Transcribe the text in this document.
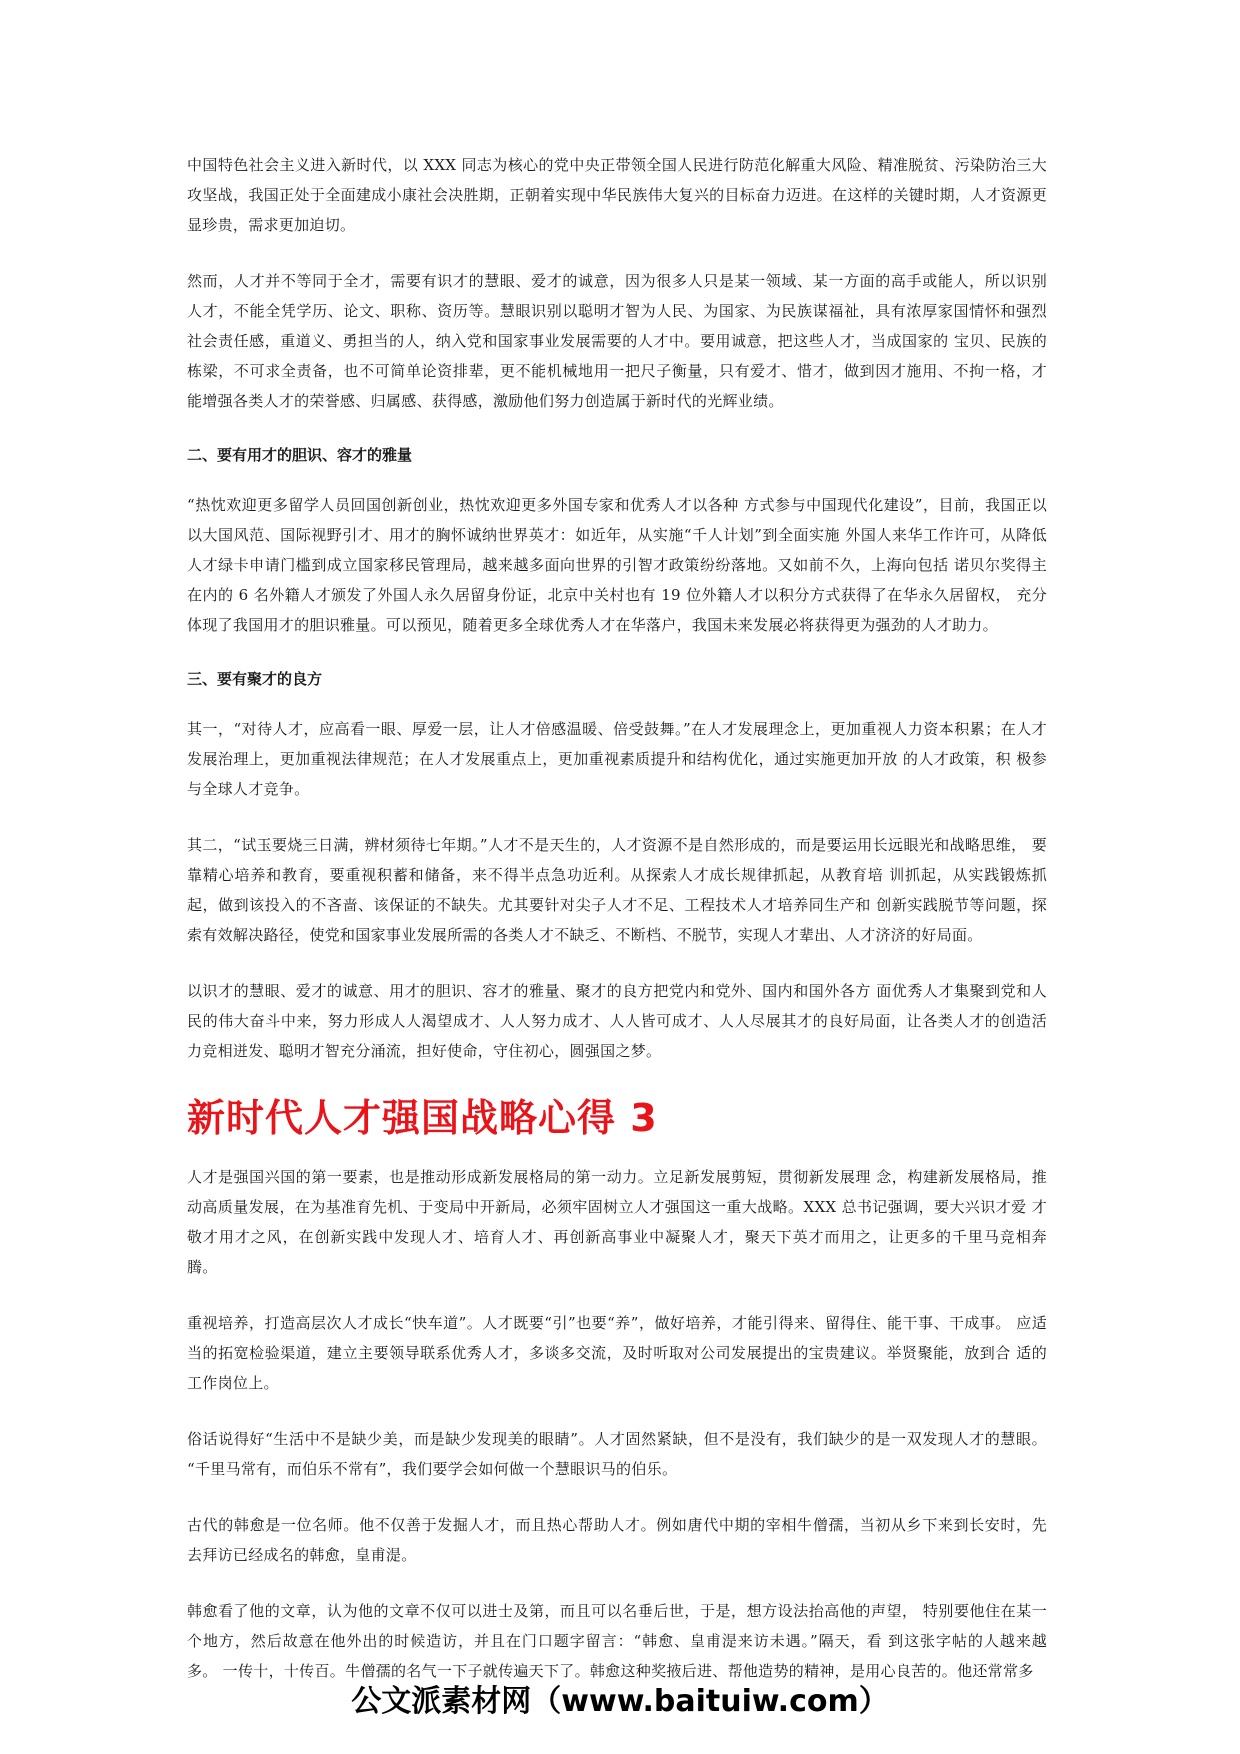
中国特色社会主义进入新时代，以 XXX 同志为核心的党中央正带领全国人民进行防范化解重大风险、精准脱贫、污染防治三大攻坚战，我国正处于全面建成小康社会决胜期，正朝着实现中华民族伟大复兴的目标奋力迈进。在这样的关键时期，人才资源更显珍贵，需求更加迫切。

然而，人才并不等同于全才，需要有识才的慧眼、爱才的诚意，因为很多人只是某一领域、某一方面的高手或能人，所以识别 人才，不能全凭学历、论文、职称、资历等。慧眼识别以聪明才智为人民、为国家、为民族谋福祉，具有浓厚家国情怀和强烈 社会责任感，重道义、勇担当的人，纳入党和国家事业发展需要的人才中。要用诚意，把这些人才，当成国家的 宝贝、民族的 栋梁，不可求全责备，也不可简单论资排辈，更不能机械地用一把尺子衡量，只有爱才、惜才，做到因才施用、不拘一格，才 能增强各类人才的荣誉感、归属感、获得感，激励他们努力创造属于新时代的光辉业绩。

二、要有用才的胆识、容才的雅量

“热忱欢迎更多留学人员回国创新创业，热忱欢迎更多外国专家和优秀人才以各种 方式参与中国现代化建设”，目前，我国正以以大国风范、国际视野引才、用才的胸怀诚纳世界英才：如近年，从实施“千人计划”到全面实施 外国人来华工作许可，从降低人才绿卡申请门槛到成立国家移民管理局，越来越多面向世界的引智才政策纷纷落地。又如前不久，上海向包括 诺贝尔奖得主在内的 6 名外籍人才颁发了外国人永久居留身份证，北京中关村也有 19 位外籍人才以积分方式获得了在华永久居留权， 充分体现了我国用才的胆识雅量。可以预见，随着更多全球优秀人才在华落户，我国未来发展必将获得更为强劲的人才助力。

三、要有聚才的良方

其一，“对待人才，应高看一眼、厚爱一层，让人才倍感温暖、倍受鼓舞。”在人才发展理念上，更加重视人力资本积累；在人才发展治理上，更加重视法律规范；在人才发展重点上，更加重视素质提升和结构优化，通过实施更加开放 的人才政策，积 极参与全球人才竞争。

其二，“试玉要烧三日满，辨材须待七年期。”人才不是天生的，人才资源不是自然形成的，而是要运用长远眼光和战略思维， 要靠精心培养和教育，要重视积蓄和储备，来不得半点急功近利。从探索人才成长规律抓起，从教育培 训抓起，从实践锻炼抓 起，做到该投入的不吝啬、该保证的不缺失。尤其要针对尖子人才不足、工程技术人才培养同生产和 创新实践脱节等问题，探 索有效解决路径，使党和国家事业发展所需的各类人才不缺乏、不断档、不脱节，实现人才辈出、人才济济的好局面。

以识才的慧眼、爱才的诚意、用才的胆识、容才的雅量、聚才的良方把党内和党外、国内和国外各方 面优秀人才集聚到党和人 民的伟大奋斗中来，努力形成人人渴望成才、人人努力成才、人人皆可成才、人人尽展其才的良好局面，让各类人才的创造活 力竞相迸发、聪明才智充分涌流，担好使命，守住初心，圆强国之梦。

新时代人才强国战略心得 3

人才是强国兴国的第一要素，也是推动形成新发展格局的第一动力。立足新发展剪短，贯彻新发展理 念，构建新发展格局，推 动高质量发展，在为基准育先机、于变局中开新局，必须牢固树立人才强国这一重大战略。XXX 总书记强调，要大兴识才爱 才敬才用才之风，在创新实践中发现人才、培育人才、再创新高事业中凝聚人才，聚天下英才而用之，让更多的千里马竞相奔 腾。

重视培养，打造高层次人才成长“快车道”。人才既要“引”也要“养”，做好培养，才能引得来、留得住、能干事、干成事。 应适当的拓宽检验渠道，建立主要领导联系优秀人才，多谈多交流，及时听取对公司发展提出的宝贵建议。举贤聚能，放到合 适的工作岗位上。

俗话说得好“生活中不是缺少美，而是缺少发现美的眼睛”。人才固然紧缺，但不是没有，我们缺少的是一双发现人才的慧眼。 “千里马常有，而伯乐不常有”，我们要学会如何做一个慧眼识马的伯乐。

古代的韩愈是一位名师。他不仅善于发掘人才，而且热心帮助人才。例如唐代中期的宰相牛僧孺，当初从乡下来到长安时，先 去拜访已经成名的韩愈，皇甫湜。

韩愈看了他的文章，认为他的文章不仅可以进士及第，而且可以名垂后世，于是，想方设法抬高他的声望， 特别要他住在某一 个地方，然后故意在他外出的时候造访，并且在门口题字留言：“韩愈、皇甫湜来访未遇。”隔天，看 到这张字帖的人越来越 多。 一传十，十传百。牛僧孺的名气一下子就传遍天下了。韩愈这种奖掖后进、帮他造势的精神，是用心良苦的。他还常常多

公文派素材网（www.baituiw.com）
